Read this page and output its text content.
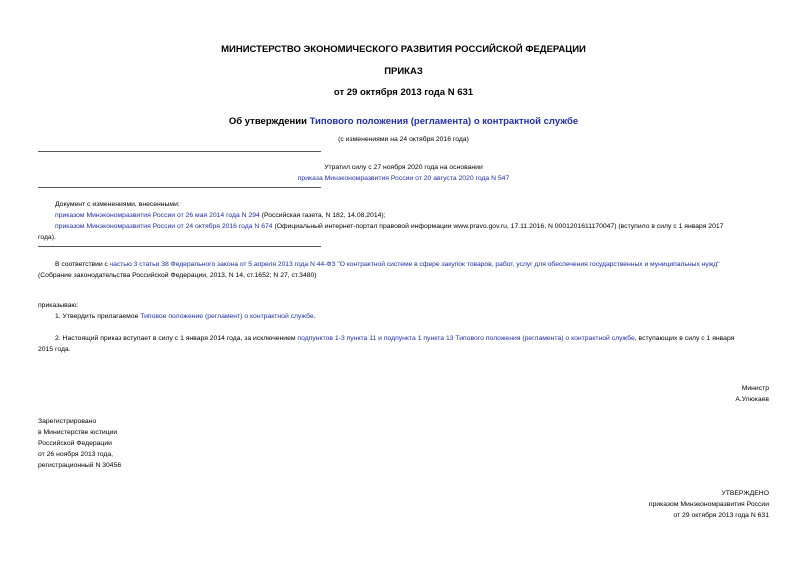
МИНИСТЕРСТВО ЭКОНОМИЧЕСКОГО РАЗВИТИЯ РОССИЙСКОЙ ФЕДЕРАЦИИ
ПРИКАЗ
от 29 октября 2013 года N 631
Об утверждении Типового положения (регламента) о контрактной службе
(с изменениями на 24 октября 2016 года)
Утратил силу с 27 ноября 2020 года на основании
приказа Минэкономразвития России от 20 августа 2020 года N 547
Документ с изменениями, внесенными:
приказом Минэкономразвития России от 26 мая 2014 года N 294 (Российская газета, N 182, 14.08.2014);
приказом Минэкономразвития России от 24 октября 2016 года N 674 (Официальный интернет-портал правовой информации www.pravo.gov.ru, 17.11.2016, N 0001201611170047) (вступило в силу с 1 января 2017
года).
В соответствии с частью 3 статьи 38 Федерального закона от 5 апреля 2013 года N 44-ФЗ "О контрактной системе в сфере закупок товаров, работ, услуг для обеспечения государственных и муниципальных нужд"
(Собрание законодательства Российской Федерации, 2013, N 14, ст.1652; N 27, ст.3480)
приказываю:
1. Утвердить прилагаемое Типовое положение (регламент) о контрактной службе.
2. Настоящий приказ вступает в силу с 1 января 2014 года, за исключением подпунктов 1-3 пункта 11 и подпункта 1 пункта 13 Типового положения (регламента) о контрактной службе, вступающих в силу с 1 января
2015 года.
Министр
А.Улюкаев
Зарегистрировано
в Министерстве юстиции
Российской Федерации
от 26 ноября 2013 года,
регистрационный N 30456
УТВЕРЖДЕНО
приказом Минэкономразвития России
от 29 октября 2013 года N 631
